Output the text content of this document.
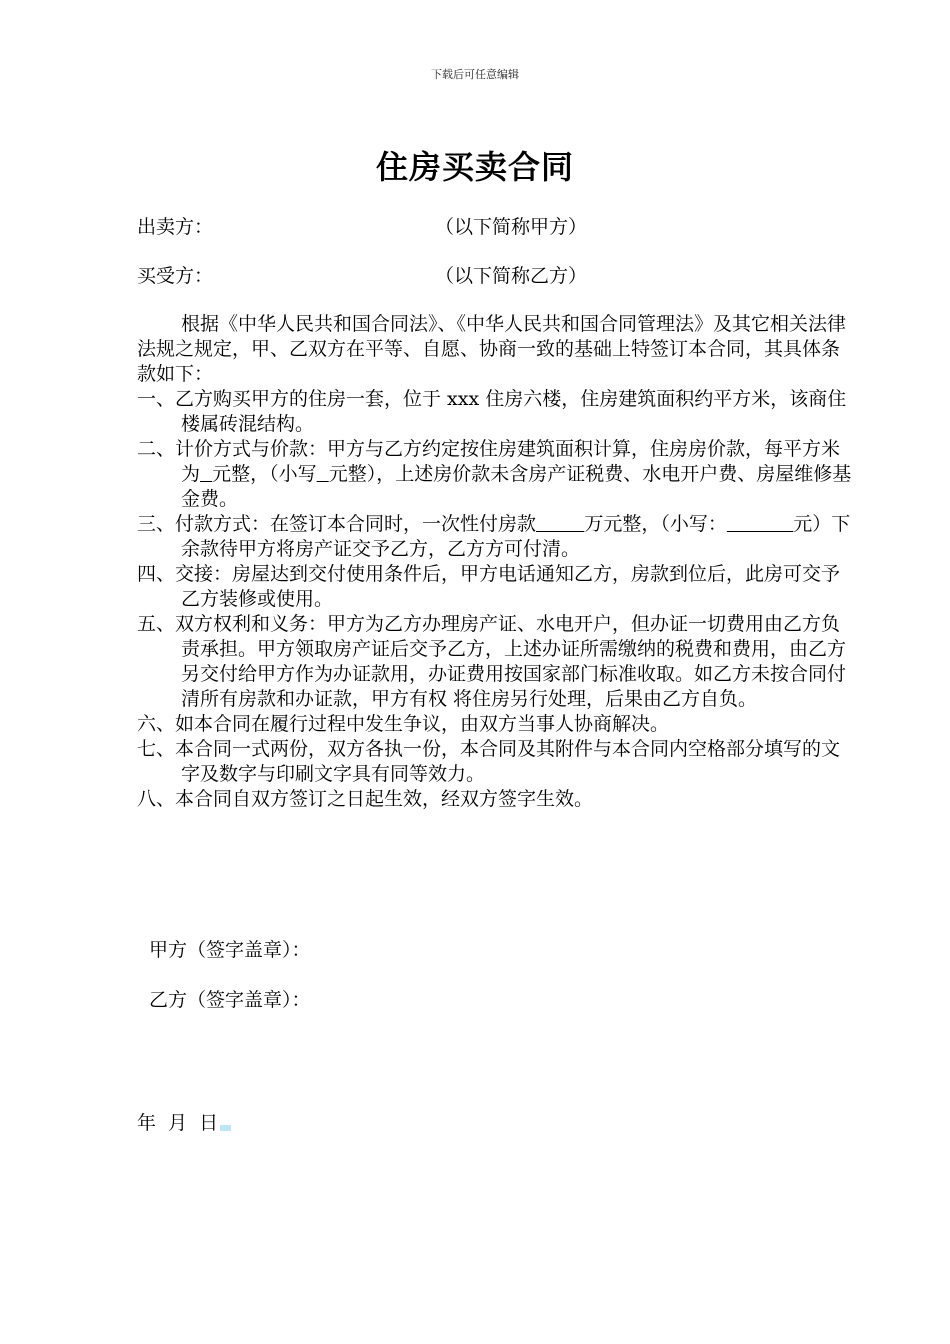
下载后可任意编辑
住房买卖合同
出卖方：	（以下简称甲方）
买受方：	（以下简称乙方）

根据《中华人民共和国合同法》、《中华人民共和国合同管理法》及其它相关法律法规之规定，甲、乙双方在平等、自愿、协商一致的基础上特签订本合同，其具体条款如下：

一、乙方购买甲方的住房一套，位于 xxx 住房六楼，住房建筑面积约平方米，该商住楼属砖混结构。

二、计价方式与价款：甲方与乙方约定按住房建筑面积计算，住房房价款，每平方米为 元整，（小写 元整），上述房价款未含房产证税费、水电开户费、房屋维修基金费。

三、付款方式：在签订本合同时，一次性付房款	万元整，（小写：	元）下余款待甲方将房产证交予乙方，乙方方可付清。

四、交接：房屋达到交付使用条件后，甲方电话通知乙方，房款到位后，此房可交予乙方装修或使用。

五、双方权利和义务：甲方为乙方办理房产证、水电开户，但办证一切费用由乙方负责承担。甲方领取房产证后交予乙方，上述办证所需缴纳的税费和费用，由乙方另交付给甲方作为办证款用，办证费用按国家部门标准收取。如乙方未按合同付清所有房款和办证款，甲方有权 将住房另行处理，后果由乙方自负。

六、如本合同在履行过程中发生争议，由双方当事人协商解决。

七、本合同一式两份，双方各执一份，本合同及其附件与本合同内空格部分填写的文字及数字与印刷文字具有同等效力。

八、本合同自双方签订之日起生效，经双方签字生效。

甲方（签字盖章）：
乙方（签字盖章）：
年  月  日
